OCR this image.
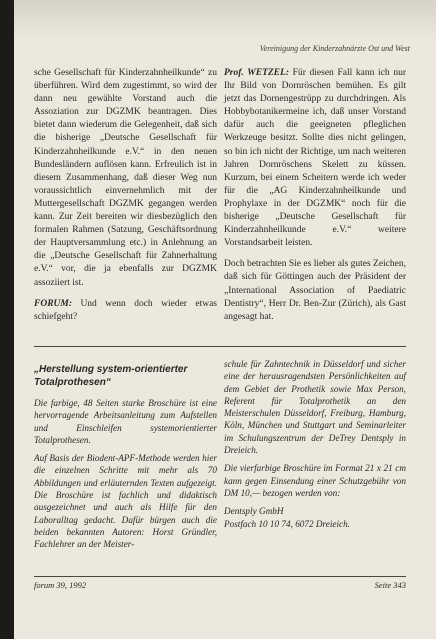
Vereinigung der Kinderzahnärzte Ost und West

sche Gesellschaft für Kinderzahnheilkunde“ zu überführen. Wird dem zugestimmt, so wird der dann neu gewählte Vorstand auch die Assoziation zur DGZMK beantragen. Dies bietet dann wiederum die Gelegenheit, daß sich die bisherige „Deutsche Gesellschaft für Kinderzahnheilkunde e.V.“ in den neuen Bundesländern auflösen kann. Erfreulich ist in diesem Zusammenhang, daß dieser Weg nun voraussichtlich einvernehmlich mit der Muttergesellschaft DGZMK gegangen werden kann. Zur Zeit bereiten wir diesbezüglich den formalen Rahmen (Satzung, Geschäftsordnung der Hauptversammlung etc.) in Anlehnung an die „Deutsche Gesellschaft für Zahnerhaltung e.V.“ vor, die ja ebenfalls zur DGZMK assoziiert ist.

FORUM: Und wenn doch wieder etwas schiefgeht?

Prof. WETZEL: Für diesen Fall kann ich nur Ihr Bild von Dornröschen bemühen. Es gilt jetzt das Dornengestrüpp zu durchdringen. Als Hobbybotanikermeine ich, daß unser Vorstand dafür auch die geeigneten pfleglichen Werkzeuge besitzt. Sollte dies nicht gelingen, so bin ich nicht der Richtige, um nach weiteren Jahren Dornröschens Skelett zu küssen. Kurzum, bei einem Scheitern werde ich weder für die „AG Kinderzahnheilkunde und Prophylaxe in der DGZMK“ noch für die bisherige „Deutsche Gesellschaft für Kinderzahnheilkunde e.V.“ weitere Vorstandsarbeit leisten.

Doch betrachten Sie es lieber als gutes Zeichen, daß sich für Göttingen auch der Präsident der „International Association of Paediatric Dentistry“, Herr Dr. Ben-Zur (Zürich), als Gast angesagt hat.

„Herstellung system-orientierter Totalprothesen“

Die farbige, 48 Seiten starke Broschüre ist eine hervorragende Arbeitsanleitung zum Aufstellen und Einschleifen systemorientierter Totalprothesen.

Auf Basis der Biodent-APF-Methode werden hier die einzelnen Schritte mit mehr als 70 Abbildungen und erläuternden Texten aufgezeigt. Die Broschüre ist fachlich und didaktisch ausgezeichnet und auch als Hilfe für den Laboralltag gedacht. Dafür bürgen auch die beiden bekannten Autoren: Horst Gründler, Fachlehrer an der Meister-

schule für Zahntechnik in Düsseldorf und sicher eine der herausragendsten Persönlichkeiten auf dem Gebiet der Prothetik sowie Max Person, Referent für Totalprothetik an den Meisterschulen Düsseldorf, Freiburg, Hamburg, Köln, München und Stuttgart und Seminarleiter im Schulungszentrum der DeTrey Dentsply in Dreieich.

Die vierfarbige Broschüre im Format 21 x 21 cm kann gegen Einsendung einer Schutzgebühr von DM 10,— bezogen werden von:

Dentsply GmbH
Postfach 10 10 74, 6072 Dreieich.
forum 39, 1992	Seite 343
